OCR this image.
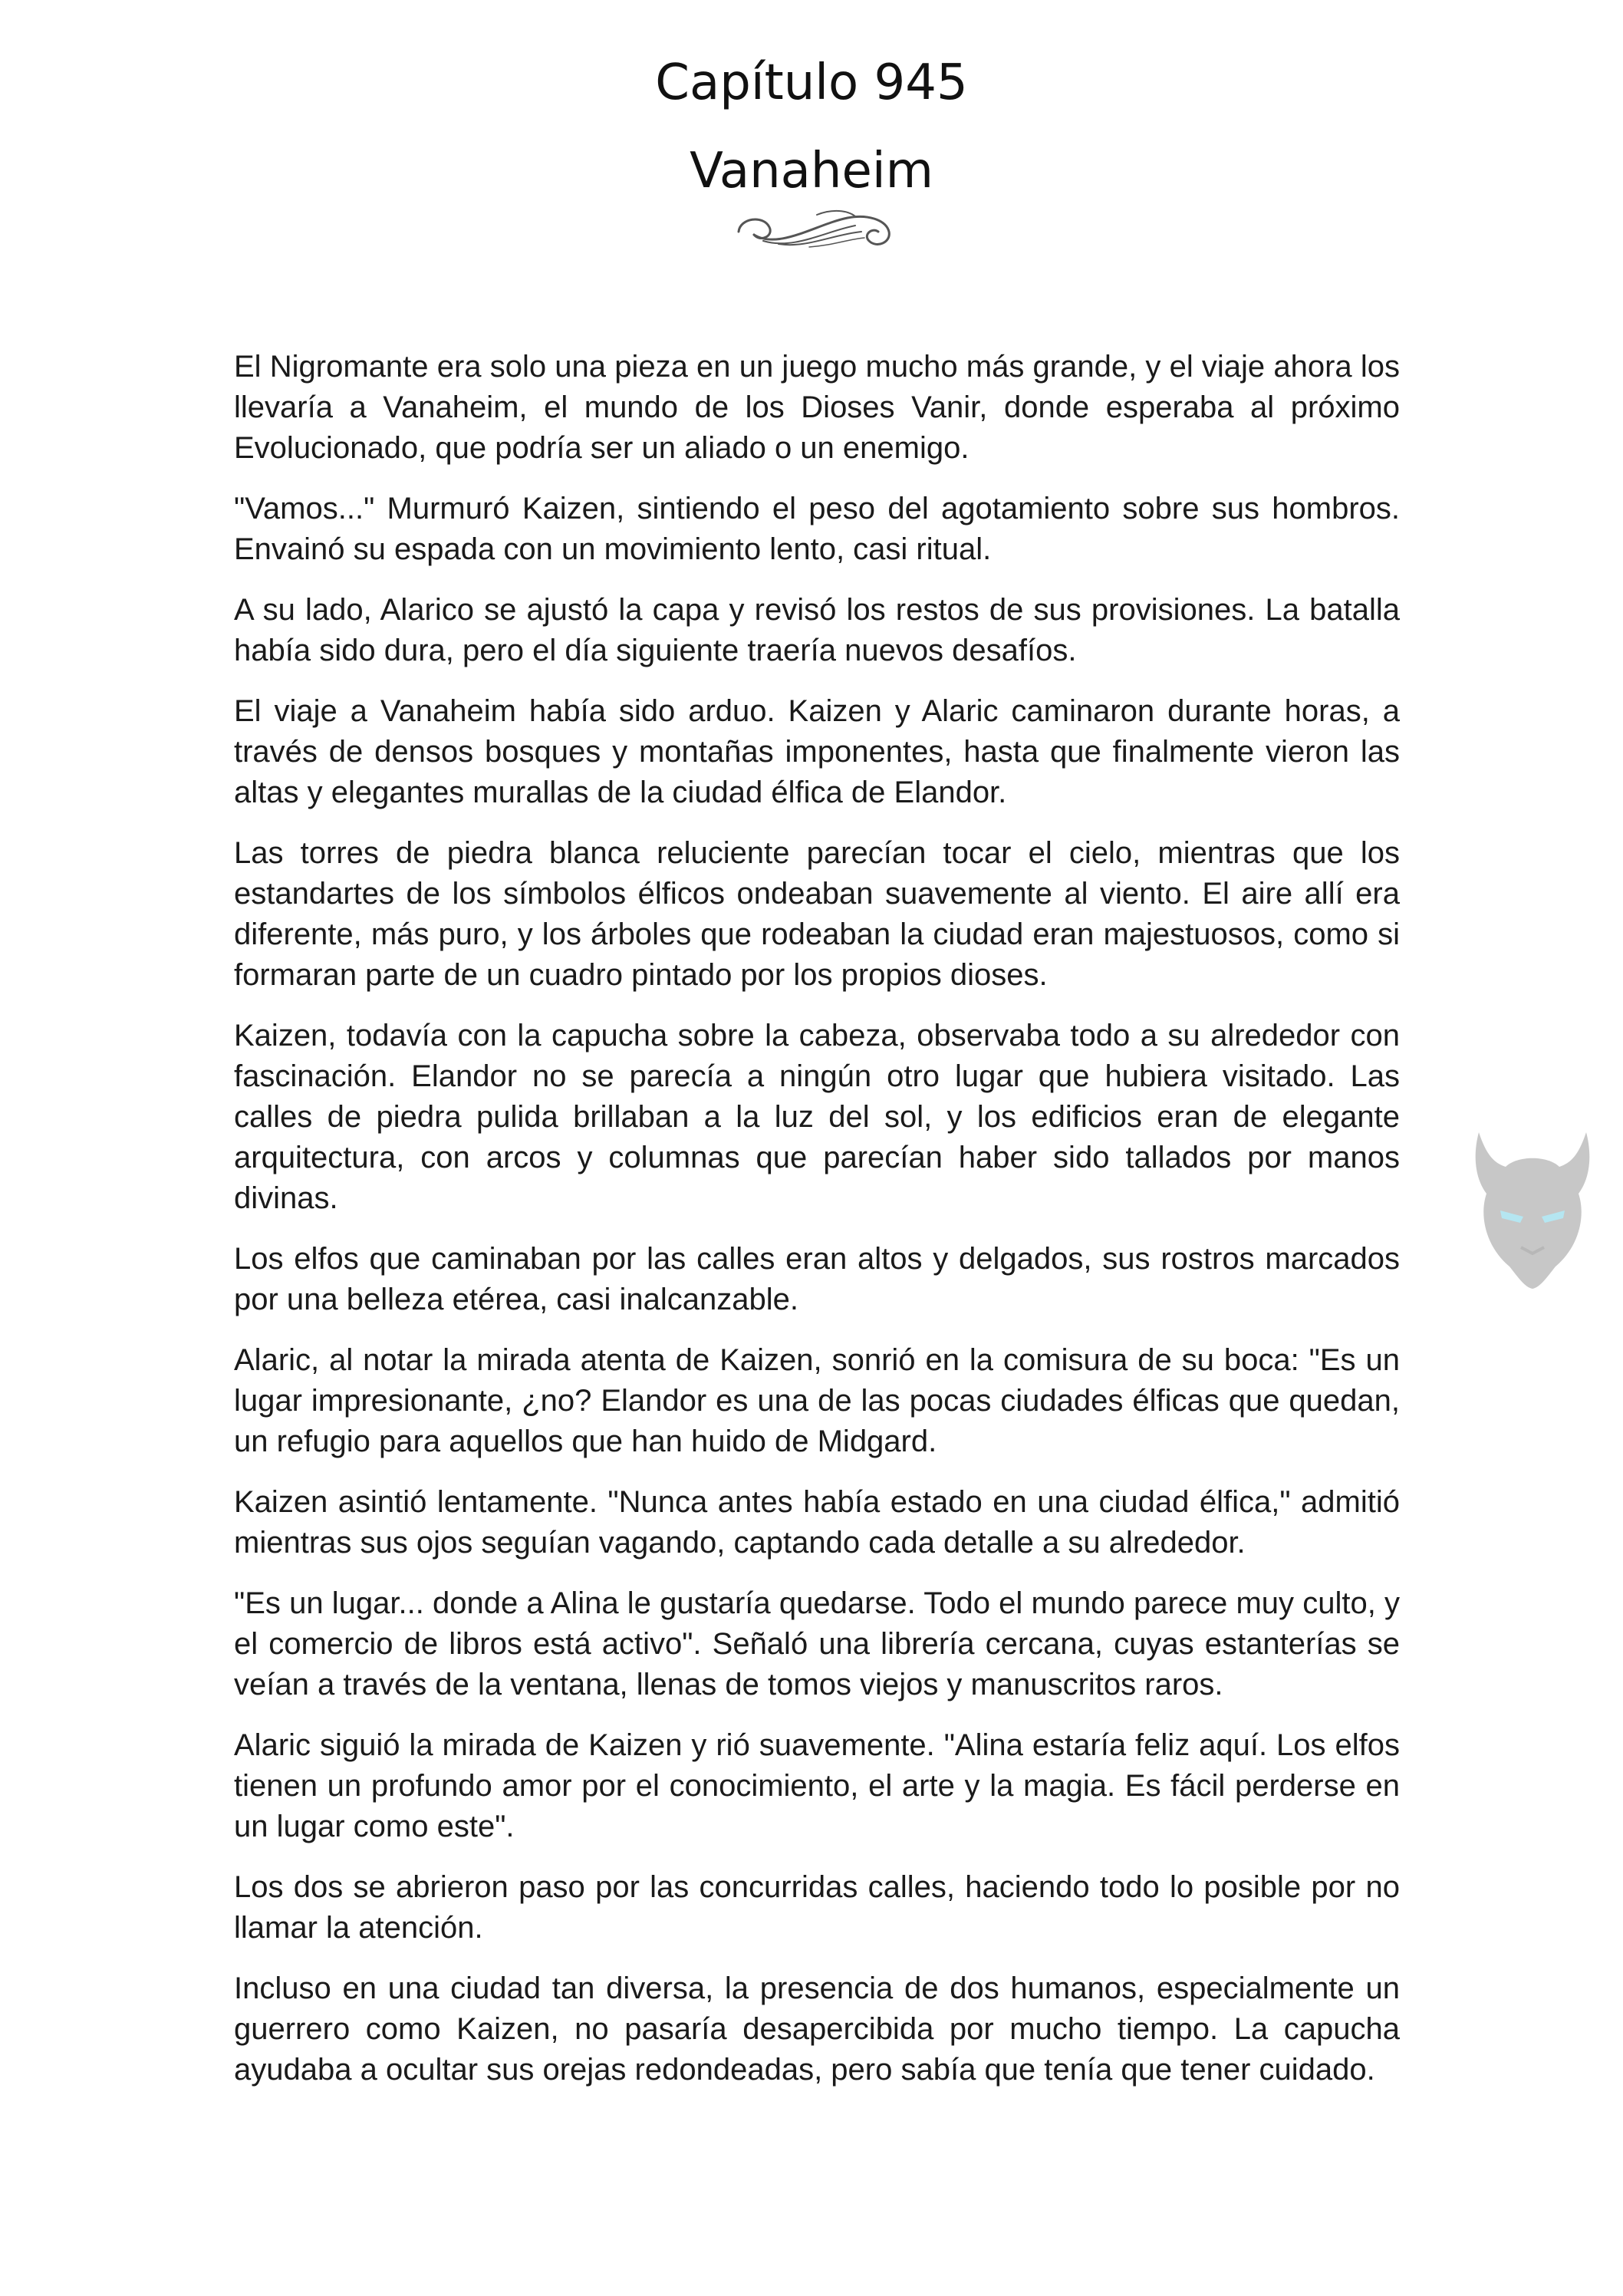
Capítulo 945
Vanaheim

El Nigromante era solo una pieza en un juego mucho más grande, y el viaje ahora los llevaría a Vanaheim, el mundo de los Dioses Vanir, donde esperaba al próximo Evolucionado, que podría ser un aliado o un enemigo.

"Vamos..." Murmuró Kaizen, sintiendo el peso del agotamiento sobre sus hombros. Envainó su espada con un movimiento lento, casi ritual.

A su lado, Alarico se ajustó la capa y revisó los restos de sus provisiones. La batalla había sido dura, pero el día siguiente traería nuevos desafíos.

El viaje a Vanaheim había sido arduo. Kaizen y Alaric caminaron durante horas, a través de densos bosques y montañas imponentes, hasta que finalmente vieron las altas y elegantes murallas de la ciudad élfica de Elandor.

Las torres de piedra blanca reluciente parecían tocar el cielo, mientras que los estandartes de los símbolos élficos ondeaban suavemente al viento. El aire allí era diferente, más puro, y los árboles que rodeaban la ciudad eran majestuosos, como si formaran parte de un cuadro pintado por los propios dioses.

Kaizen, todavía con la capucha sobre la cabeza, observaba todo a su alrededor con fascinación. Elandor no se parecía a ningún otro lugar que hubiera visitado. Las calles de piedra pulida brillaban a la luz del sol, y los edificios eran de elegante arquitectura, con arcos y columnas que parecían haber sido tallados por manos divinas.

Los elfos que caminaban por las calles eran altos y delgados, sus rostros marcados por una belleza etérea, casi inalcanzable.

Alaric, al notar la mirada atenta de Kaizen, sonrió en la comisura de su boca: "Es un lugar impresionante, ¿no? Elandor es una de las pocas ciudades élficas que quedan, un refugio para aquellos que han huido de Midgard.

Kaizen asintió lentamente. "Nunca antes había estado en una ciudad élfica," admitió mientras sus ojos seguían vagando, captando cada detalle a su alrededor.

"Es un lugar... donde a Alina le gustaría quedarse. Todo el mundo parece muy culto, y el comercio de libros está activo". Señaló una librería cercana, cuyas estanterías se veían a través de la ventana, llenas de tomos viejos y manuscritos raros.

Alaric siguió la mirada de Kaizen y rió suavemente. "Alina estaría feliz aquí. Los elfos tienen un profundo amor por el conocimiento, el arte y la magia. Es fácil perderse en un lugar como este".

Los dos se abrieron paso por las concurridas calles, haciendo todo lo posible por no llamar la atención.

Incluso en una ciudad tan diversa, la presencia de dos humanos, especialmente un guerrero como Kaizen, no pasaría desapercibida por mucho tiempo. La capucha ayudaba a ocultar sus orejas redondeadas, pero sabía que tenía que tener cuidado.
